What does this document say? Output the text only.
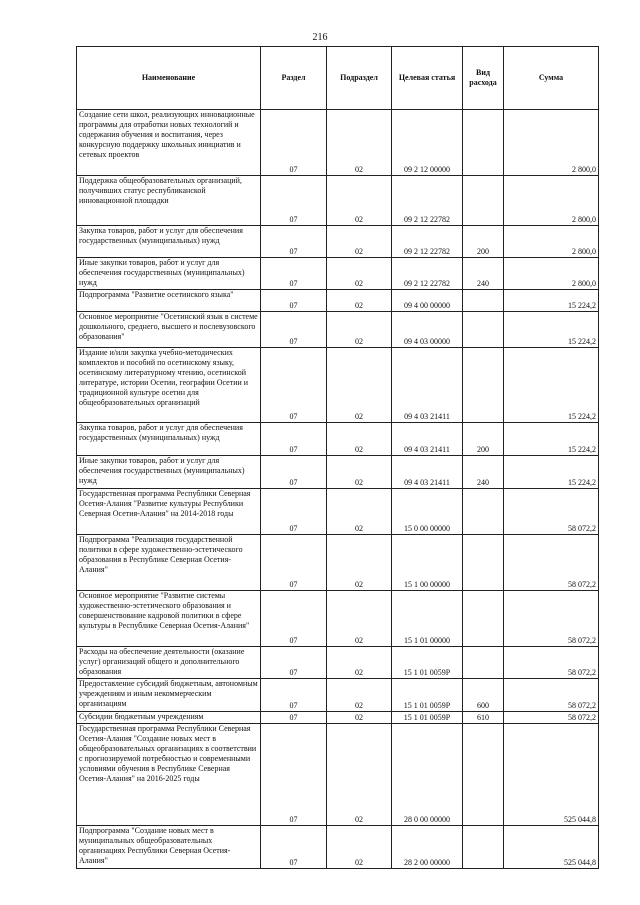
216
Наименование	Раздел	Подраздел	Целевая статья	Вид расхода	Сумма
Создание сети школ, реализующих инновационные программы для отработки новых технологий и содержания обучения и воспитания, через конкурсную поддержку школьных инициатив и сетевых проектов	07	02	09 2 12 00000		2 800,0
Поддержка общеобразовательных организаций, получивших статус республиканской инновационной площадки	07	02	09 2 12 22782		2 800,0
Закупка товаров, работ и услуг для обеспечения государственных (муниципальных) нужд	07	02	09 2 12 22782	200	2 800,0
Иные закупки товаров, работ и услуг для обеспечения государственных (муниципальных) нужд	07	02	09 2 12 22782	240	2 800,0
Подпрограмма "Развитие осетинского языка"	07	02	09 4 00 00000		15 224,2
Основное мероприятие "Осетинский язык в системе дошкольного, среднего, высшего и послевузовского образования"	07	02	09 4 03 00000		15 224,2
Издание и/или закупка учебно-методических комплектов и пособий по осетинскому языку, осетинскому литературному чтению, осетинской литературе, истории Осетии, географии Осетии и традиционной культуре осетин для общеобразовательных организаций	07	02	09 4 03 21411		15 224,2
Закупка товаров, работ и услуг для обеспечения государственных (муниципальных) нужд	07	02	09 4 03 21411	200	15 224,2
Иные закупки товаров, работ и услуг для обеспечения государственных (муниципальных) нужд	07	02	09 4 03 21411	240	15 224,2
Государственная программа Республики Северная Осетия-Алания "Развитие культуры Республики Северная Осетия-Алания" на 2014-2018 годы	07	02	15 0 00 00000		58 072,2
Подпрограмма "Реализация государственной политики в сфере художественно-эстетического образования в Республике Северная Осетия-Алания"	07	02	15 1 00 00000		58 072,2
Основное мероприятие "Развитие системы художественно-эстетического образования и совершенствование кадровой политики в сфере культуры в Республике Северная Осетия-Алания"	07	02	15 1 01 00000		58 072,2
Расходы на обеспечение деятельности (оказание услуг) организаций общего и дополнительного образования	07	02	15 1 01 0059Р		58 072,2
Предоставление субсидий бюджетным, автономным учреждениям и иным некоммерческим организациям	07	02	15 1 01 0059Р	600	58 072,2
Субсидии бюджетным учреждениям	07	02	15 1 01 0059Р	610	58 072,2
Государственная программа Республики Северная Осетия-Алания "Создание новых мест в общеобразовательных организациях в соответствии с прогнозируемой потребностью и современными условиями обучения в Республике Северная Осетия-Алания" на 2016-2025 годы	07	02	28 0 00 00000		525 044,8
Подпрограмма "Создание новых мест в муниципальных общеобразовательных организациях Республики Северная Осетия-Алания"	07	02	28 2 00 00000		525 044,8
